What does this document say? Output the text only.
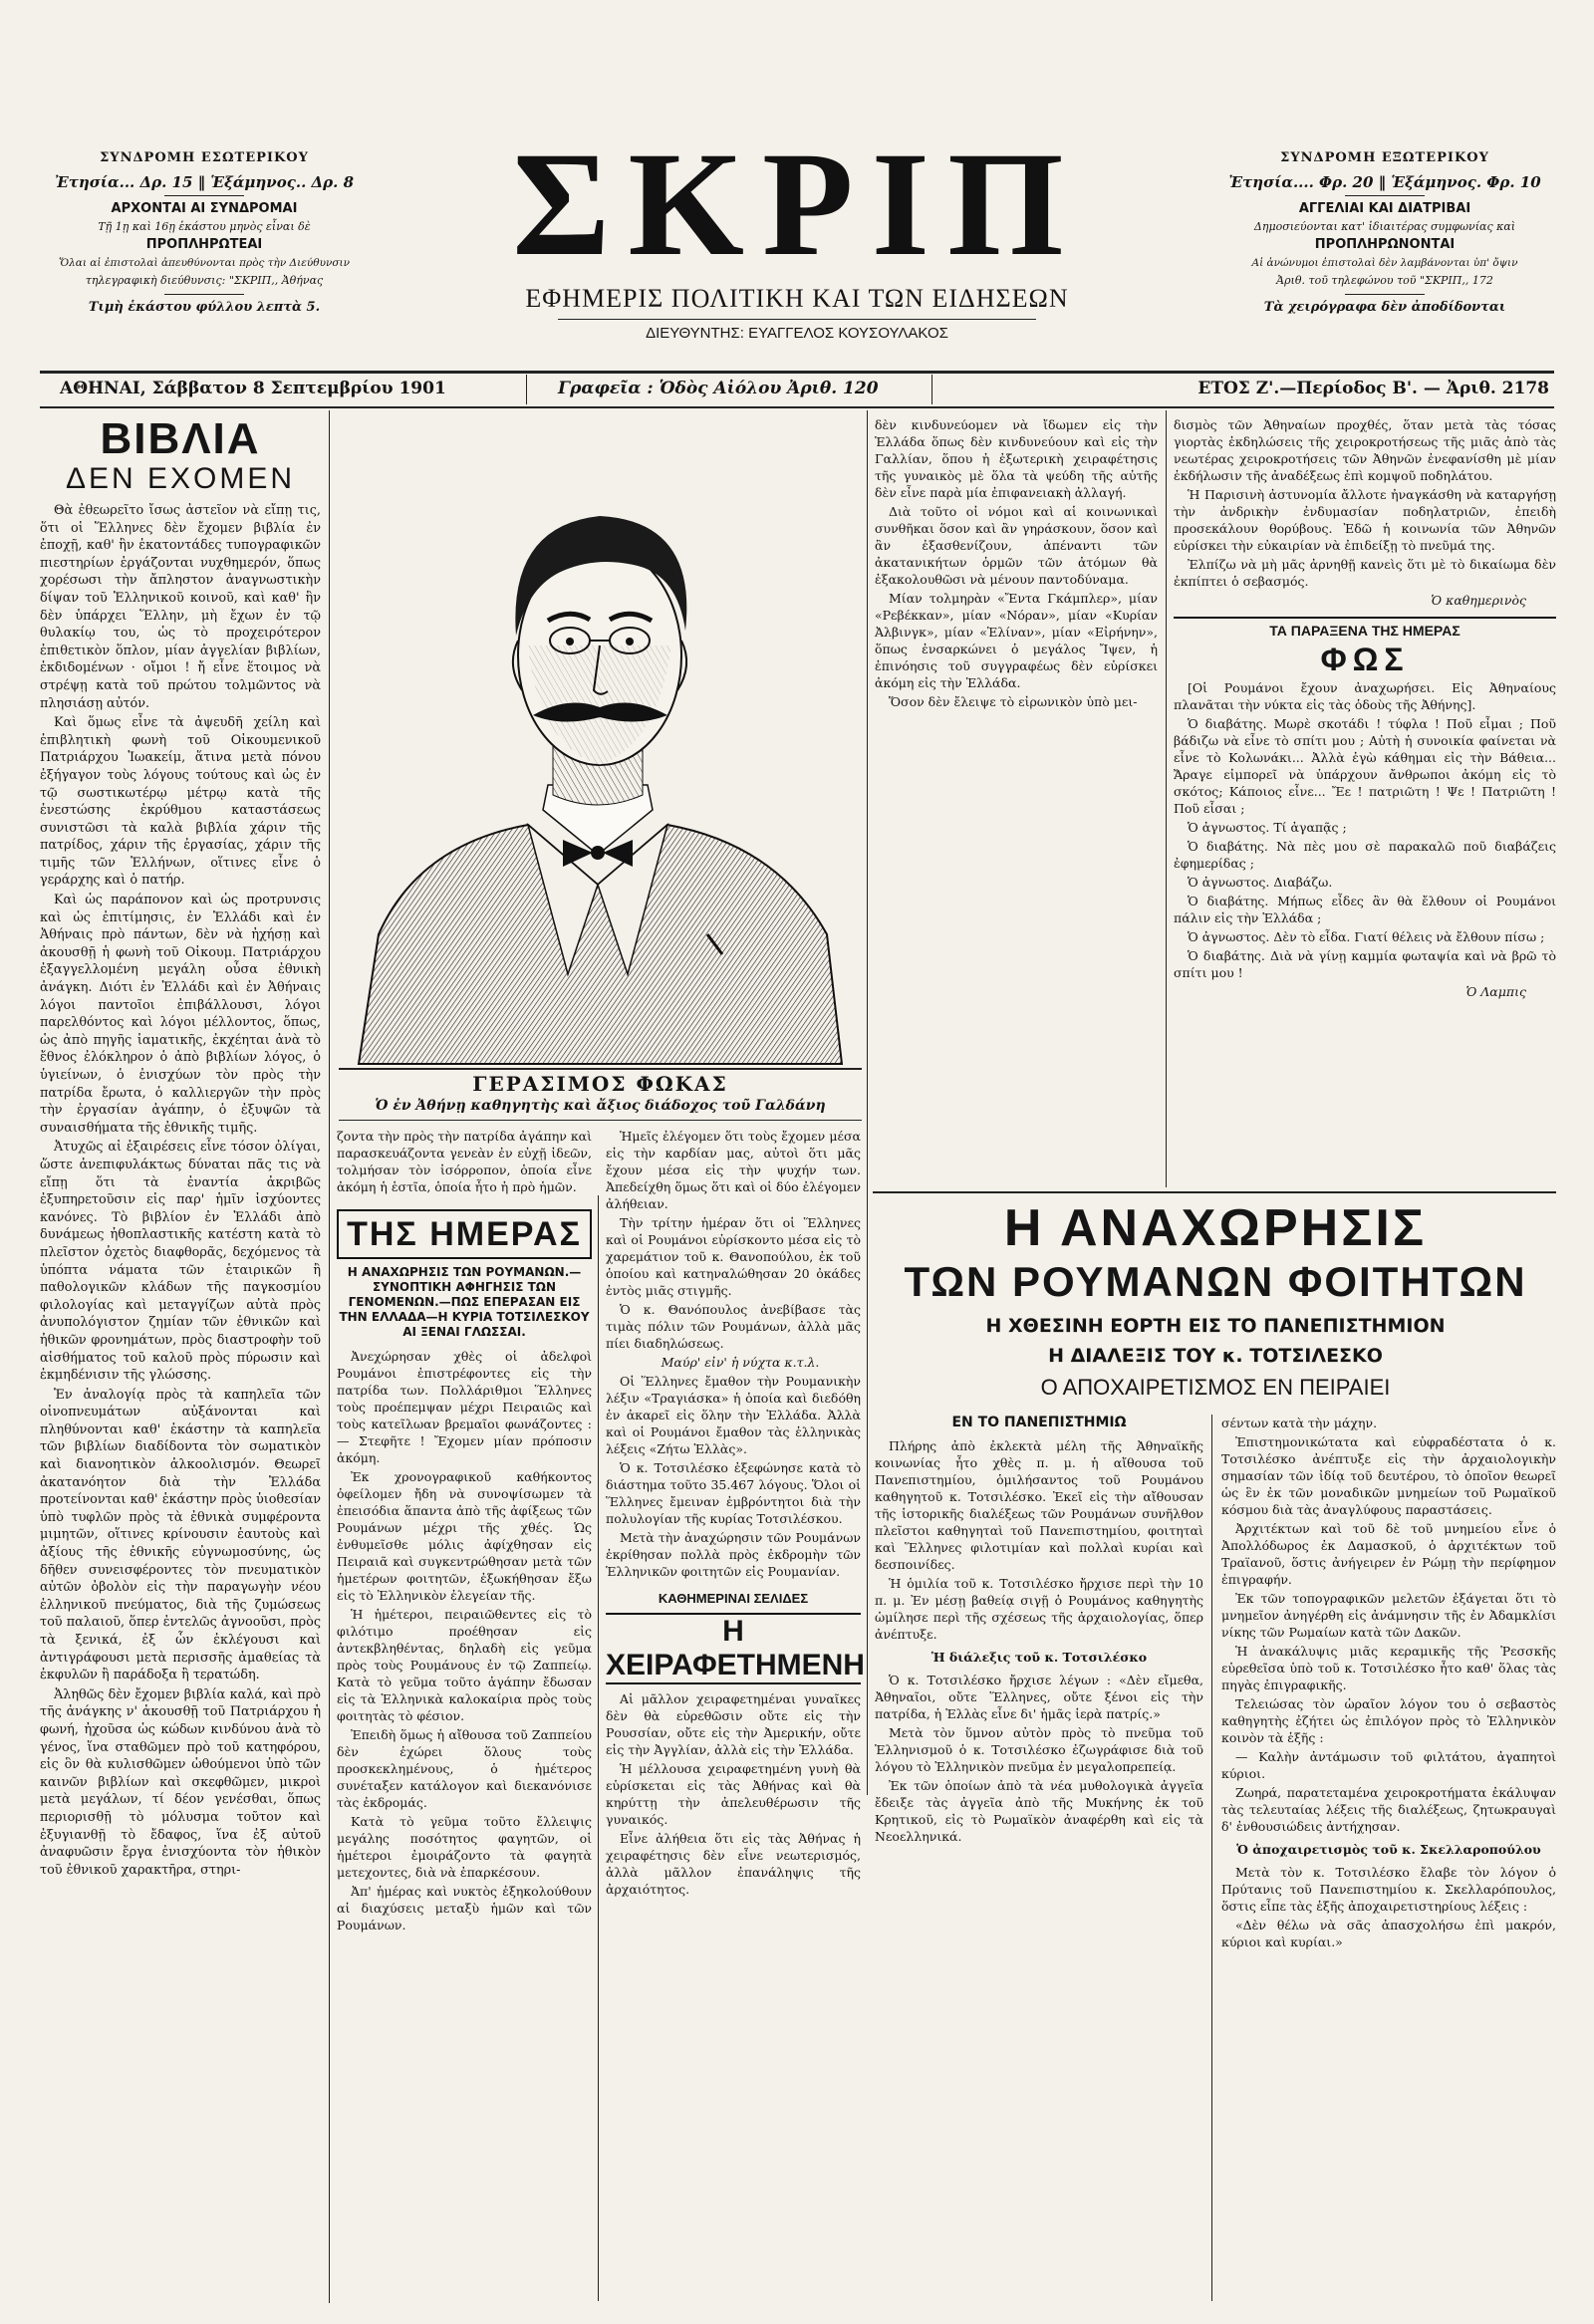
ΣΥΝΔΡΟΜΗ ΕΣΩΤΕΡΙΚΟΥ
Ἐτησία... Δρ. 15 ‖ Ἑξάμηνος.. Δρ. 8
ΑΡΧΟΝΤΑΙ ΑΙ ΣΥΝΔΡΟΜΑΙ
Τῇ 1ῃ καὶ 16ῃ ἑκάστου μηνὸς εἶναι δὲ
ΠΡΟΠΛΗΡΩΤΕΑΙ
Ὅλαι αἱ ἐπιστολαὶ ἀπευθύνονται πρὸς τὴν Διεύθυνσιν
τηλεγραφικὴ διεύθυνσις: "ΣΚΡΙΠ,, Ἀθήνας
Τιμὴ ἑκάστου φύλλου λεπτὰ 5.
ΣΚΡΙΠ
ΕΦΗΜΕΡΙΣ ΠΟΛΙΤΙΚΗ ΚΑΙ ΤΩΝ ΕΙΔΗΣΕΩΝ
ΔΙΕΥΘΥΝΤΗΣ: ΕΥΑΓΓΕΛΟΣ ΚΟΥΣΟΥΛΑΚΟΣ
ΣΥΝΔΡΟΜΗ ΕΞΩΤΕΡΙΚΟΥ
Ἐτησία.... Φρ. 20 ‖ Ἑξάμηνος. Φρ. 10
ΑΓΓΕΛΙΑΙ ΚΑΙ ΔΙΑΤΡΙΒΑΙ
Δημοσιεύονται κατ' ἰδιαιτέρας συμφωνίας καὶ
ΠΡΟΠΛΗΡΩΝΟΝΤΑΙ
Αἱ ἀνώνυμοι ἐπιστολαὶ δὲν λαμβάνονται ὑπ' ὄψιν
Ἀριθ. τοῦ τηλεφώνου τοῦ "ΣΚΡΙΠ,, 172
Τὰ χειρόγραφα δὲν ἀποδίδονται
ΑΘΗΝΑΙ, Σάββατον 8 Σεπτεμβρίου 1901	Γραφεῖα : Ὁδὸς Αἰόλου Ἀριθ. 120	ΕΤΟΣ Ζ'.—Περίοδος Β'. — Ἀριθ. 2178
ΒΙΒΛΙΑ
ΔΕΝ ΕΧΟΜΕΝ

Θὰ ἐθεωρεῖτο ἴσως ἀστεῖον νὰ εἴπῃ τις, ὅτι οἱ Ἕλληνες δὲν ἔχομεν βιβλία ἐν ἐποχῇ, καθ' ἣν ἑκατοντάδες τυπογραφικῶν πιεστηρίων ἐργάζονται νυχθημερόν, ὅπως χορέσωσι τὴν ἄπληστον ἀναγνωστικὴν δίψαν τοῦ Ἑλληνικοῦ κοινοῦ, καὶ καθ' ἣν δὲν ὑπάρχει Ἕλλην, μὴ ἔχων ἐν τῷ θυλακίῳ του, ὡς τὸ προχειρότερον ἐπιθετικὸν ὅπλον, μίαν ἀγγελίαν βιβλίων, ἐκδιδομένων · οἴμοι ! ἤ εἶνε ἕτοιμος νὰ στρέψῃ κατὰ τοῦ πρώτου τολμῶντος νὰ πλησιάσῃ αὐτόν.

Καὶ ὅμως εἶνε τὰ ἀψευδῆ χείλη καὶ ἐπιβλητικὴ φωνὴ τοῦ Οἰκουμενικοῦ Πατριάρχου Ἰωακείμ, ἅτινα μετὰ πόνου ἐξήγαγον τοὺς λόγους τούτους καὶ ὡς ἐν τῷ σωστικωτέρῳ μέτρῳ κατὰ τῆς ἐνεστώσης ἐκρύθμου καταστάσεως συνιστῶσι τὰ καλὰ βιβλία χάριν τῆς πατρίδος, χάριν τῆς ἐργασίας, χάριν τῆς τιμῆς τῶν Ἑλλήνων, οἵτινες εἶνε ὁ γεράρχης καὶ ὁ πατήρ.

Καὶ ὡς παράπονον καὶ ὡς προτρυνσις καὶ ὡς ἐπιτίμησις, ἐν Ἑλλάδι καὶ ἐν Ἀθήναις πρὸ πάντων, δὲν νὰ ἠχήσῃ καὶ ἀκουσθῇ ἡ φωνὴ τοῦ Οἰκουμ. Πατριάρχου ἐξαγγελλομένη μεγάλη οὖσα ἐθνικὴ ἀνάγκη. Διότι ἐν Ἑλλάδι καὶ ἐν Ἀθήναις λόγοι παντοῖοι ἐπιβάλλουσι, λόγοι παρελθόντος καὶ λόγοι μέλλοντος, ὅπως, ὡς ἀπὸ πηγῆς ἰαματικῆς, ἐκχέηται ἀνὰ τὸ ἔθνος ἐλόκληρον ὁ ἀπὸ βιβλίων λόγος, ὁ ὑγιείνων, ὁ ἐνισχύων τὸν πρὸς τὴν πατρίδα ἔρωτα, ὁ καλλιεργῶν τὴν πρὸς τὴν ἐργασίαν ἀγάπην, ὁ ἐξυψῶν τὰ συναισθήματα τῆς ἐθνικῆς τιμῆς.

Ἀτυχῶς αἱ ἐξαιρέσεις εἶνε τόσον ὀλίγαι, ὥστε ἀνεπιφυλάκτως δύναται πᾶς τις νὰ εἴπῃ ὅτι τὰ ἐναντία ἀκριβῶς ἐξυπηρετοῦσιν εἰς παρ' ἡμῖν ἰσχύοντες κανόνες. Τὸ βιβλίον ἐν Ἑλλάδι ἀπὸ δυνάμεως ἠθοπλαστικῆς κατέστη κατὰ τὸ πλεῖστον ὀχετὸς διαφθορᾶς, δεχόμενος τὰ ὑπόπτα νάματα τῶν ἑταιρικῶν ἢ παθολογικῶν κλάδων τῆς παγκοσμίου φιλολογίας καὶ μεταγγίζων αὐτὰ πρὸς ἀνυπολόγιστον ζημίαν τῶν ἐθνικῶν καὶ ἠθικῶν φρονημάτων, πρὸς διαστροφὴν τοῦ αἰσθήματος τοῦ καλοῦ πρὸς πύρωσιν καὶ ἐκμηδένισιν τῆς γλώσσης.

Ἐν ἀναλογίᾳ πρὸς τὰ καπηλεῖα τῶν οἰνοπνευμάτων αὐξάνονται καὶ πληθύνονται καθ' ἑκάστην τὰ καπηλεῖα τῶν βιβλίων διαδίδοντα τὸν σωματικὸν καὶ διανοητικὸν ἀλκοολισμόν. Θεωρεῖ ἀκατανόητον διὰ τὴν Ἑλλάδα προτείνονται καθ' ἑκάστην πρὸς ὑιοθεσίαν ὑπὸ τυφλῶν πρὸς τὰ ἐθνικὰ συμφέροντα μιμητῶν, οἵτινες κρίνουσιν ἑαυτοὺς καὶ ἀξίους τῆς ἐθνικῆς εὐγνωμοσύνης, ὡς δῆθεν συνεισφέροντες τὸν πνευματικὸν αὐτῶν ὀβολὸν εἰς τὴν παραγωγὴν νέου ἑλληνικοῦ πνεύματος, διὰ τῆς ζυμώσεως τοῦ παλαιοῦ, ὅπερ ἐντελῶς ἀγνοοῦσι, πρὸς τὰ ξενικά, ἐξ ὧν ἐκλέγουσι καὶ ἀντιγράφουσι μετὰ περισσῆς ἀμαθείας τὰ ἐκφυλῶν ἢ παράδοξα ἢ τερατώδη.

Ἀληθῶς δὲν ἔχομεν βιβλία καλά, καὶ πρὸ τῆς ἀνάγκης ν' ἀκουσθῇ τοῦ Πατριάρχου ἡ φωνή, ἠχοῦσα ὡς κώδων κινδύνου ἀνὰ τὸ γένος, ἵνα σταθῶμεν πρὸ τοῦ κατηφόρου, εἰς ὃν θὰ κυλισθῶμεν ὡθούμενοι ὑπὸ τῶν καινῶν βιβλίων καὶ σκεφθῶμεν, μικροὶ μετὰ μεγάλων, τί δέον γενέσθαι, ὅπως περιορισθῇ τὸ μόλυσμα τοῦτον καὶ ἐξυγιανθῇ τὸ ἔδαφος, ἵνα ἐξ αὐτοῦ ἀναφυῶσιν ἔργα ἐνισχύοντα τὸν ἠθικὸν τοῦ ἐθνικοῦ χαρακτῆρα, στηρι-

ΓΕΡΑΣΙΜΟΣ ΦΩΚΑΣ
Ὁ ἐν Ἀθήνῃ καθηγητὴς καὶ ἄξιος διάδοχος τοῦ Γαλδάνη

ζοντα τὴν πρὸς τὴν πατρίδα ἀγάπην καὶ παρασκευάζοντα γενεὰν ἐν εὐχῇ ἰδεῶν, τολμήσαν τὸν ἰσόρροπον, ὁποία εἶνε ἀκόμη ἡ ἑστῖα, ὁποία ἦτο ἡ πρὸ ἡμῶν.

ΤΗΣ ΗΜΕΡΑΣ
Η ΑΝΑΧΩΡΗΣΙΣ ΤΩΝ ΡΟΥΜΑΝΩΝ.—ΣΥΝΟΠΤΙΚΗ ΑΦΗΓΗΣΙΣ ΤΩΝ ΓΕΝΟΜΕΝΩΝ.—ΠΩΣ ΕΠΕΡΑΣΑΝ ΕΙΣ ΤΗΝ ΕΛΛΑΔΑ—Η ΚΥΡΙΑ ΤΟΤΣΙΛΕΣΚΟΥ ΑΙ ΞΕΝΑΙ ΓΛΩΣΣΑΙ.

Ἀνεχώρησαν χθὲς οἱ ἀδελφοὶ Ρουμάνοι ἐπιστρέφοντες εἰς τὴν πατρίδα των. Πολλάριθμοι Ἕλληνες τοὺς προέπεμψαν μέχρι Πειραιῶς καὶ τοὺς κατεῖλωαν βρεμαῖοι φωνάζοντες : — Στεφῆτε ! Ἔχομεν μίαν πρόποσιν ἀκόμη.

Ἐκ χρονογραφικοῦ καθήκοντος ὀφείλομεν ἤδη νὰ συνοψίσωμεν τὰ ἐπεισόδια ἅπαντα ἀπὸ τῆς ἀφίξεως τῶν Ρουμάνων μέχρι τῆς χθές. Ὡς ἐνθυμεῖσθε μόλις ἀφίχθησαν εἰς Πειραιᾶ καὶ συγκεντρώθησαν μετὰ τῶν ἡμετέρων φοιτητῶν, ἐξωκήθησαν ἔξω εἰς τὸ Ἐλληνικὸν ἐλεγείαν τῆς.

Ἡ ἡμέτεροι, πειραιῶθεντες εἰς τὸ φιλότιμο προέθησαν εἰς ἀντεκβληθέντας, δηλαδὴ εἰς γεῦμα πρὸς τοὺς Ρουμάνους ἐν τῷ Ζαππείῳ. Κατὰ τὸ γεῦμα τοῦτο ἀγάπην ἔδωσαν εἰς τὰ Ἑλληνικὰ καλοκαίρια πρὸς τοὺς φοιτητὰς τὸ φέσιον.

Ἐπειδὴ ὅμως ἡ αἴθουσα τοῦ Ζαππείου δὲν ἐχώρει ὅλους τοὺς προσκεκλημένους, ὁ ἡμέτερος συνέταξεν κατάλογον καὶ διεκανόνισε τὰς ἐκδρομάς.

Κατὰ τὸ γεῦμα τοῦτο ἔλλειψις μεγάλης ποσότητος φαγητῶν, οἱ ἡμέτεροι ἐμοιράζοντο τὰ φαγητὰ μετεχοντες, διὰ νὰ ἐπαρκέσουν.

Ἀπ' ἡμέρας καὶ νυκτὸς ἐξηκολούθουν αἱ διαχύσεις μεταξὺ ἡμῶν καὶ τῶν Ρουμάνων.

Ἡμεῖς ἐλέγομεν ὅτι τοὺς ἔχομεν μέσα εἰς τὴν καρδίαν μας, αὐτοὶ ὅτι μᾶς ἔχουν μέσα εἰς τὴν ψυχήν των. Ἀπεδείχθη ὅμως ὅτι καὶ οἱ δύο ἐλέγομεν ἀλήθειαν.

Τὴν τρίτην ἡμέραν ὅτι οἱ Ἕλληνες καὶ οἱ Ρουμάνοι εὑρίσκοντο μέσα εἰς τὸ χαρεμάτιον τοῦ κ. Θανοπούλου, ἐκ τοῦ ὁποίου καὶ κατηναλώθησαν 20 ὀκάδες ἐντὸς μιᾶς στιγμῆς.

Ὁ κ. Θανόπουλος ἀνεβίβασε τὰς τιμὰς πόλιν τῶν Ρουμάνων, ἀλλὰ μᾶς πίει διαδηλώσεως.

Μαύρ' εἰν' ἡ νύχτα κ.τ.λ.

Οἱ Ἕλληνες ἔμαθον τὴν Ρουμανικὴν λέξιν «Τραγιάσκα» ἡ ὁποία καὶ διεδόθη ἐν ἀκαρεῖ εἰς ὅλην τὴν Ἑλλάδα. Ἀλλὰ καὶ οἱ Ρουμάνοι ἔμαθον τὰς ἑλληνικὰς λέξεις «Ζήτω Ἑλλὰς».

Ὁ κ. Τοτσιλέσκο ἐξεφώνησε κατὰ τὸ διάστημα τοῦτο 35.467 λόγους. Ὅλοι οἱ Ἕλληνες ἔμειναν ἐμβρόντητοι διὰ τὴν πολυλογίαν τῆς κυρίας Τοτσιλέσκου.

Μετὰ τὴν ἀναχώρησιν τῶν Ρουμάνων ἐκρίθησαν πολλὰ πρὸς ἐκδρομὴν τῶν Ἑλληνικῶν φοιτητῶν εἰς Ρουμανίαν.

ΚΑΘΗΜΕΡΙΝΑΙ ΣΕΛΙΔΕΣ
Η ΧΕΙΡΑΦΕΤΗΜΕΝΗ

Αἱ μᾶλλον χειραφετημέναι γυναῖκες δὲν θὰ εὑρεθῶσιν οὔτε εἰς τὴν Ρουσσίαν, οὔτε εἰς τὴν Ἀμερικήν, οὔτε εἰς τὴν Ἀγγλίαν, ἀλλὰ εἰς τὴν Ἑλλάδα.

Ἡ μέλλουσα χειραφετημένη γυνὴ θὰ εὑρίσκεται εἰς τὰς Ἀθήνας καὶ θὰ κηρύττῃ τὴν ἀπελευθέρωσιν τῆς γυναικός.

Εἶνε ἀλήθεια ὅτι εἰς τὰς Ἀθήνας ἡ χειραφέτησις δὲν εἶνε νεωτερισμός, ἀλλὰ μᾶλλον ἐπανάληψις τῆς ἀρχαιότητος.

δὲν κινδυνεύομεν νὰ ἴδωμεν εἰς τὴν Ἑλλάδα ὅπως δὲν κινδυνεύουν καὶ εἰς τὴν Γαλλίαν, ὅπου ἡ ἐξωτερικὴ χειραφέτησις τῆς γυναικὸς μὲ ὅλα τὰ ψεύδη τῆς αὐτῆς δὲν εἶνε παρὰ μία ἐπιφανειακὴ ἀλλαγή.

Διὰ τοῦτο οἱ νόμοι καὶ αἱ κοινωνικαὶ συνθῆκαι ὅσον καὶ ἂν γηράσκουν, ὅσον καὶ ἂν ἐξασθενίζουν, ἀπέναντι τῶν ἀκατανικήτων ὁρμῶν τῶν ἀτόμων θὰ ἐξακολουθῶσι νὰ μένουν παντοδύναμα.

Μίαν τολμηρὰν «Ἔντα Γκάμπλερ», μίαν «Ρεβέκκαν», μίαν «Νόραν», μίαν «Κυρίαν Ἀλβινγκ», μίαν «Ἑλίναν», μίαν «Εἰρήνην», ὅπως ἐνσαρκώνει ὁ μεγάλος Ἴψεν, ἡ ἐπινόησις τοῦ συγγραφέως δὲν εὑρίσκει ἀκόμη εἰς τὴν Ἑλλάδα.

Ὅσον δὲν ἔλειψε τὸ εἰρωνικὸν ὑπὸ μει-

δισμὸς τῶν Ἀθηναίων προχθές, ὅταν μετὰ τὰς τόσας γιορτὰς ἐκδηλώσεις τῆς χειροκροτήσεως τῆς μιᾶς ἀπὸ τὰς νεωτέρας χειροκροτήσεις τῶν Ἀθηνῶν ἐνεφανίσθη μὲ μίαν ἐκδήλωσιν τῆς ἀναδέξεως ἐπὶ κομψοῦ ποδηλάτου.

Ἡ Παρισινὴ ἀστυνομία ἄλλοτε ἠναγκάσθη νὰ καταργήσῃ τὴν ἀνδρικὴν ἐνδυμασίαν ποδηλατριῶν, ἐπειδὴ προσεκάλουν θορύβους. Ἐδῶ ἡ κοινωνία τῶν Ἀθηνῶν εὑρίσκει τὴν εὐκαιρίαν νὰ ἐπιδείξῃ τὸ πνεῦμά της.

Ἐλπίζω νὰ μὴ μᾶς ἀρνηθῇ κανεὶς ὅτι μὲ τὸ δικαίωμα δὲν ἐκπίπτει ὁ σεβασμός.

Ὁ καθημερινὸς

ΤΑ ΠΑΡΑΞΕΝΑ ΤΗΣ ΗΜΕΡΑΣ
ΦΩΣ

[Οἱ Ρουμάνοι ἔχουν ἀναχωρήσει. Εἰς Ἀθηναίους πλανᾶται τὴν νύκτα εἰς τὰς ὁδοὺς τῆς Ἀθήνης].

Ὁ διαβάτης. Μωρὲ σκοτάδι ! τύφλα ! Ποῦ εἶμαι ; Ποῦ βάδιζω νὰ εἶνε τὸ σπίτι μου ; Αὐτὴ ἡ συνοικία φαίνεται νὰ εἶνε τὸ Κολωνάκι... Ἀλλὰ ἐγὼ κάθημαι εἰς τὴν Βάθεια... Ἄραγε εἰμπορεῖ νὰ ὑπάρχουν ἄνθρωποι ἀκόμη εἰς τὸ σκότος; Κάποιος εἶνε... Ἔε ! πατριῶτη ! Ψε ! Πατριῶτη ! Ποῦ εἶσαι ;

Ὁ ἀγνωστος. Τί ἀγαπᾷς ;

Ὁ διαβάτης. Νὰ πὲς μου σὲ παρακαλῶ ποῦ διαβάζεις ἐφημερίδας ;

Ὁ ἀγνωστος. Διαβάζω.

Ὁ διαβάτης. Μήπως εἶδες ἂν θὰ ἔλθουν οἱ Ρουμάνοι πάλιν εἰς τὴν Ἑλλάδα ;

Ὁ ἀγνωστος. Δὲν τὸ εἶδα. Γιατί θέλεις νὰ ἔλθουν πίσω ;

Ὁ διαβάτης. Διὰ νὰ γίνῃ καμμία φωταψία καὶ νὰ βρῶ τὸ σπίτι μου !

Ὁ Λαμπις

Η ΑΝΑΧΩΡΗΣΙΣ
ΤΩΝ ΡΟΥΜΑΝΩΝ ΦΟΙΤΗΤΩΝ
Η ΧΘΕΣΙΝΗ ΕΟΡΤΗ ΕΙΣ ΤΟ ΠΑΝΕΠΙΣΤΗΜΙΟΝ
Η ΔΙΑΛΕΞΙΣ ΤΟΥ κ. ΤΟΤΣΙΛΕΣΚΟ
Ο ΑΠΟΧΑΙΡΕΤΙΣΜΟΣ ΕΝ ΠΕΙΡΑΙΕΙ
ΕΝ ΤΟ ΠΑΝΕΠΙΣΤΗΜΙΩ

Πλήρης ἀπὸ ἐκλεκτὰ μέλη τῆς Ἀθηναϊκῆς κοινωνίας ἦτο χθὲς π. μ. ἡ αἴθουσα τοῦ Πανεπιστημίου, ὁμιλήσαντος τοῦ Ρουμάνου καθηγητοῦ κ. Τοτσιλέσκο. Ἐκεῖ εἰς τὴν αἴθουσαν τῆς ἱστορικῆς διαλέξεως τῶν Ρουμάνων συνῆλθον πλεῖστοι καθηγηταὶ τοῦ Πανεπιστημίου, φοιτηταὶ καὶ Ἕλληνες φιλοτιμίαν καὶ πολλαὶ κυρίαι καὶ δεσποινίδες.

Ἡ ὁμιλία τοῦ κ. Τοτσιλέσκο ἤρχισε περὶ τὴν 10 π. μ. Ἐν μέσῃ βαθείᾳ σιγῇ ὁ Ρουμάνος καθηγητὴς ὡμίλησε περὶ τῆς σχέσεως τῆς ἀρχαιολογίας, ὅπερ ἀνέπτυξε.

Ἡ διάλεξις τοῦ κ. Τοτσιλέσκο

Ὁ κ. Τοτσιλέσκο ἤρχισε λέγων : «Δὲν εἴμεθα, Ἀθηναῖοι, οὔτε Ἕλληνες, οὔτε ξένοι εἰς τὴν πατρίδα, ἡ Ἑλλὰς εἶνε δι' ἡμᾶς ἱερὰ πατρίς.»

Μετὰ τὸν ὕμνον αὐτὸν πρὸς τὸ πνεῦμα τοῦ Ἑλληνισμοῦ ὁ κ. Τοτσιλέσκο ἐζωγράφισε διὰ τοῦ λόγου τὸ Ἑλληνικὸν πνεῦμα ἐν μεγαλοπρεπείᾳ.

Ἐκ τῶν ὁποίων ἀπὸ τὰ νέα μυθολογικὰ ἀγγεῖα ἔδειξε τὰς ἀγγεῖα ἀπὸ τῆς Μυκήνης ἐκ τοῦ Κρητικοῦ, εἰς τὸ Ρωμαϊκὸν ἀναφέρθη καὶ εἰς τὰ Νεοελληνικά.

σέντων κατὰ τὴν μάχην.

Ἐπιστημονικώτατα καὶ εὐφραδέστατα ὁ κ. Τοτσιλέσκο ἀνέπτυξε εἰς τὴν ἀρχαιολογικὴν σημασίαν τῶν ἰδίᾳ τοῦ δευτέρου, τὸ ὁποῖον θεωρεῖ ὡς ἓν ἐκ τῶν μοναδικῶν μνημείων τοῦ Ρωμαϊκοῦ κόσμου διὰ τὰς ἀναγλύφους παραστάσεις.

Ἀρχιτέκτων καὶ τοῦ δὲ τοῦ μνημείου εἶνε ὁ Ἀπολλόδωρος ἐκ Δαμασκοῦ, ὁ ἀρχιτέκτων τοῦ Τραϊανοῦ, ὅστις ἀνήγειρεν ἐν Ρώμῃ τὴν περίφημον ἐπιγραφήν.

Ἐκ τῶν τοπογραφικῶν μελετῶν ἐξάγεται ὅτι τὸ μνημεῖον ἀνηγέρθη εἰς ἀνάμνησιν τῆς ἐν Ἀδαμκλίσι νίκης τῶν Ρωμαίων κατὰ τῶν Δακῶν.

Ἡ ἀνακάλυψις μιᾶς κεραμικῆς τῆς Ῥεσσκῆς εὑρεθεῖσα ὑπὸ τοῦ κ. Τοτσιλέσκο ἦτο καθ' ὅλας τὰς πηγὰς ἐπιγραφικῆς.

Τελειώσας τὸν ὡραῖον λόγον του ὁ σεβαστὸς καθηγητὴς ἐζήτει ὡς ἐπιλόγον πρὸς τὸ Ἑλληνικὸν κοινὸν τὰ ἑξῆς :

— Καλὴν ἀντάμωσιν τοῦ φιλτάτου, ἀγαπητοὶ κύριοι.

Ζωηρά, παρατεταμένα χειροκροτήματα ἐκάλυψαν τὰς τελευταίας λέξεις τῆς διαλέξεως, ζητωκραυγαὶ δ' ἐνθουσιώδεις ἀντήχησαν.

Ὁ ἀποχαιρετισμὸς τοῦ κ. Σκελλαροπούλου

Μετὰ τὸν κ. Τοτσιλέσκο ἔλαβε τὸν λόγον ὁ Πρύτανις τοῦ Πανεπιστημίου κ. Σκελλαρόπουλος, ὅστις εἶπε τὰς ἑξῆς ἀποχαιρετιστηρίους λέξεις :

«Δὲν θέλω νὰ σᾶς ἀπασχολήσω ἐπὶ μακρόν, κύριοι καὶ κυρίαι.»
